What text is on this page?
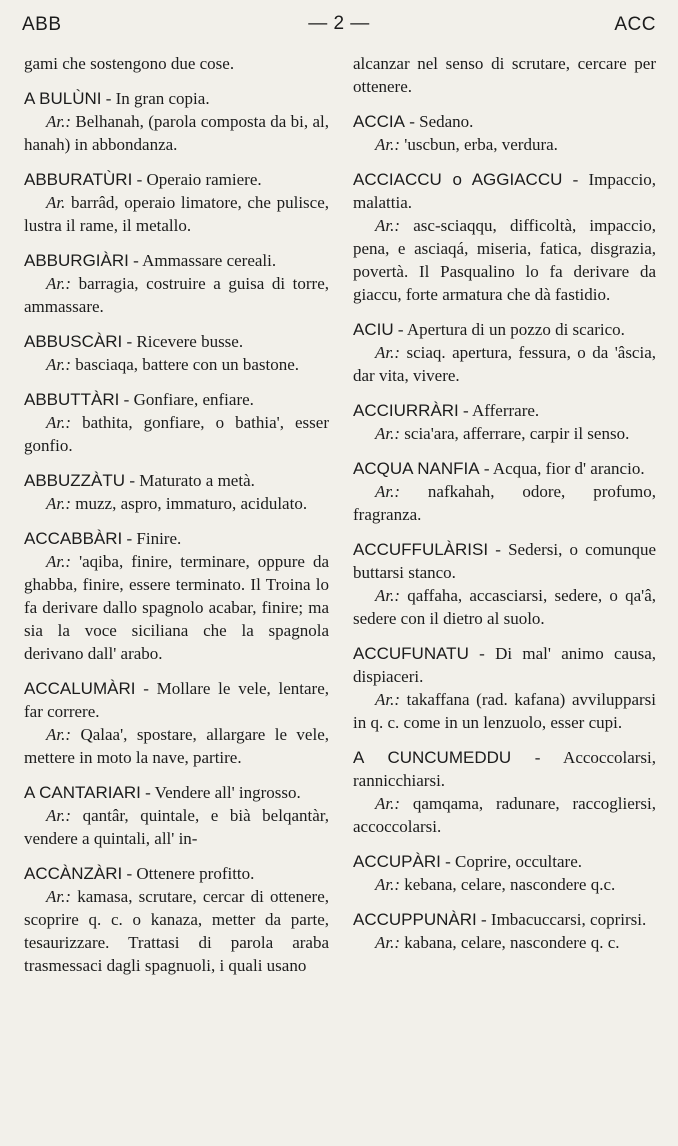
ABB	— 2 —	ACC

gami che sostengono due cose.

A BULÙNI - In gran copia.

Ar.: Belhanah, (parola composta da bi, al, hanah) in abbondanza.

ABBURATÙRI - Operaio ramiere.

Ar. barrâd, operaio limatore, che pulisce, lustra il rame, il metallo.

ABBURGIÀRI - Ammassare cereali.

Ar.: barragia, costruire a guisa di torre, ammassare.

ABBUSCÀRI - Ricevere busse.

Ar.: basciaqa, battere con un bastone.

ABBUTTÀRI - Gonfiare, enfiare.

Ar.: bathita, gonfiare, o bathia', esser gonfio.

ABBUZZÀTU - Maturato a metà.

Ar.: muzz, aspro, immaturo, acidulato.

ACCABBÀRI - Finire.

Ar.: 'aqiba, finire, terminare, oppure da ghabba, finire, essere terminato. Il Troina lo fa derivare dallo spagnolo acabar, finire; ma sia la voce siciliana che la spagnola derivano dall' arabo.

ACCALUMÀRI - Mollare le vele, lentare, far correre.

Ar.: Qalaa', spostare, allargare le vele, mettere in moto la nave, partire.

A CANTARIARI - Vendere all' ingrosso.

Ar.: qantâr, quintale, e bià belqantàr, vendere a quintali, all' in-

ACCÀNZÀRI - Ottenere profitto.

Ar.: kamasa, scrutare, cercar di ottenere, scoprire q. c. o kanaza, metter da parte, tesaurizzare. Trattasi di parola araba trasmessaci dagli spagnuoli, i quali usano

alcanzar nel senso di scrutare, cercare per ottenere.

ACCIA - Sedano.

Ar.: 'uscbun, erba, verdura.

ACCIACCU o AGGIACCU - Impaccio, malattia.

Ar.: asc-sciaqqu, difficoltà, impaccio, pena, e asciaqá, miseria, fatica, disgrazia, povertà. Il Pasqualino lo fa derivare da giaccu, forte armatura che dà fastidio.

ACIU - Apertura di un pozzo di scarico.

Ar.: sciaq. apertura, fessura, o da 'âscia, dar vita, vivere.

ACCIURRÀRI - Afferrare.

Ar.: scia'ara, afferrare, carpir il senso.

ACQUA NANFIA - Acqua, fior d' arancio.

Ar.: nafkahah, odore, profumo, fragranza.

ACCUFFULÀRISI - Sedersi, o comunque buttarsi stanco.

Ar.: qaffaha, accasciarsi, sedere, o qa'â, sedere con il dietro al suolo.

ACCUFUNATU - Di mal' animo causa, dispiaceri.

Ar.: takaffana (rad. kafana) avvilupparsi in q. c. come in un lenzuolo, esser cupi.

A CUNCUMEDDU - Accoccolarsi, rannicchiarsi.

Ar.: qamqama, radunare, raccogliersi, accoccolarsi.

ACCUPÀRI - Coprire, occultare.

Ar.: kebana, celare, nascondere q.c.

ACCUPPUNÀRI - Imbacuccarsi, coprirsi.

Ar.: kabana, celare, nascondere q. c.
